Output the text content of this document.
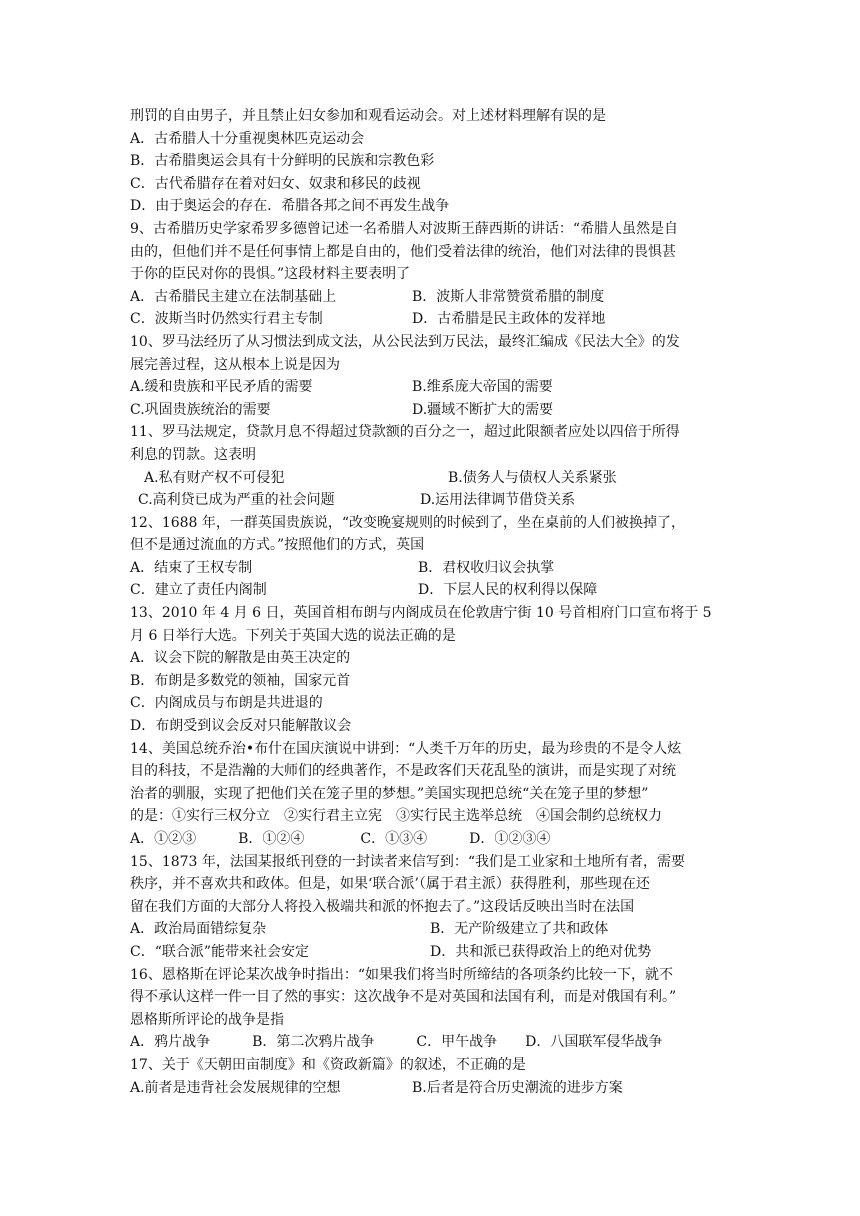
刑罚的自由男子，并且禁止妇女参加和观看运动会。对上述材料理解有误的是
A．古希腊人十分重视奥林匹克运动会
B．古希腊奥运会具有十分鲜明的民族和宗教色彩
C．古代希腊存在着对妇女、奴隶和移民的歧视
D．由于奥运会的存在．希腊各邦之间不再发生战争
9、古希腊历史学家希罗多德曾记述一名希腊人对波斯王薛西斯的讲话：“希腊人虽然是自
由的，但他们并不是任何事情上都是自由的，他们受着法律的统治，他们对法律的畏惧甚
于你的臣民对你的畏惧。”这段材料主要表明了
A．古希腊民主建立在法制基础上	B．波斯人非常赞赏希腊的制度
C．波斯当时仍然实行君主专制	D．古希腊是民主政体的发祥地
10、罗马法经历了从习惯法到成文法，从公民法到万民法，最终汇编成《民法大全》的发
展完善过程，这从根本上说是因为
A.缓和贵族和平民矛盾的需要	B.维系庞大帝国的需要
C.巩固贵族统治的需要	D.疆域不断扩大的需要
11、罗马法规定，贷款月息不得超过贷款额的百分之一，超过此限额者应处以四倍于所得
利息的罚款。这表明
A.私有财产权不可侵犯	B.债务人与债权人关系紧张
C.高利贷已成为严重的社会问题	D.运用法律调节借贷关系
12、1688 年，一群英国贵族说，“改变晚宴规则的时候到了，坐在桌前的人们被换掉了，
但不是通过流血的方式。”按照他们的方式，英国
A．结束了王权专制	B．君权收归议会执掌
C．建立了责任内阁制	D．下层人民的权利得以保障
13、2010 年 4 月 6 日，英国首相布朗与内阁成员在伦敦唐宁街 10 号首相府门口宣布将于 5
月 6 日举行大选。下列关于英国大选的说法正确的是
A．议会下院的解散是由英王决定的
B．布朗是多数党的领袖，国家元首
C．内阁成员与布朗是共进退的
D．布朗受到议会反对只能解散议会
14、美国总统乔治•布什在国庆演说中讲到：“人类千万年的历史，最为珍贵的不是令人炫
目的科技，不是浩瀚的大师们的经典著作，不是政客们天花乱坠的演讲，而是实现了对统
治者的驯服，实现了把他们关在笼子里的梦想。”美国实现把总统“关在笼子里的梦想”
的是：①实行三权分立　②实行君主立宪　③实行民主选举总统　④国会制约总统权力
A．①②③　　　B．①②④　　　　C．①③④　　　D．①②③④
15、1873 年，法国某报纸刊登的一封读者来信写到：“我们是工业家和土地所有者，需要
秩序，并不喜欢共和政体。但是，如果‘联合派’（属于君主派）获得胜利，那些现在还
留在我们方面的大部分人将投入极端共和派的怀抱去了。”这段话反映出当时在法国
A．政治局面错综复杂	B．无产阶级建立了共和政体
C．“联合派”能带来社会安定	D．共和派已获得政治上的绝对优势
16、恩格斯在评论某次战争时指出：“如果我们将当时所缔结的各项条约比较一下，就不
得不承认这样一件一目了然的事实：这次战争不是对英国和法国有利，而是对俄国有利。”
恩格斯所评论的战争是指
A．鸦片战争　　　B．第二次鸦片战争　　　C．甲午战争　　D．八国联军侵华战争
17、关于《天朝田亩制度》和《资政新篇》的叙述，不正确的是
A.前者是违背社会发展规律的空想	B.后者是符合历史潮流的进步方案
